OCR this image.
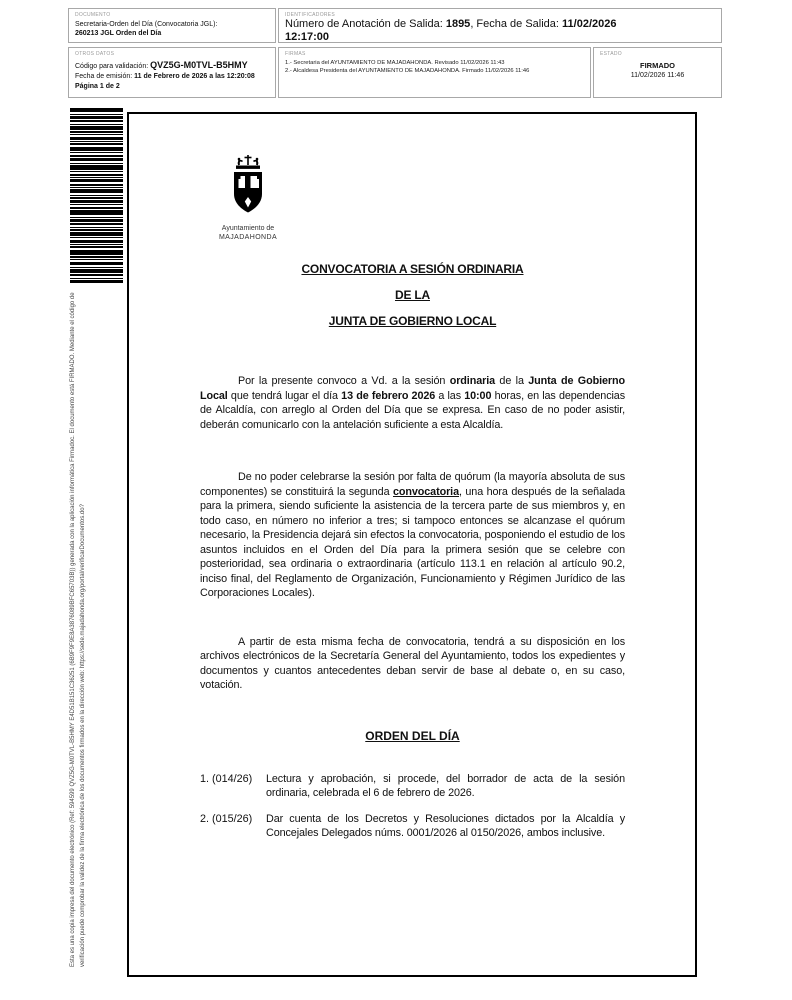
DOCUMENTO
Secretaria-Orden del Día (Convocatoria JGL):
260213 JGL Orden del Día
IDENTIFICADORES
Número de Anotación de Salida: 1895, Fecha de Salida: 11/02/2026
12:17:00
OTROS DATOS
Código para validación: QVZ5G-M0TVL-B5HMY
Fecha de emisión: 11 de Febrero de 2026 a las 12:20:08
Página 1 de 2
FIRMAS
1.- Secretaria del AYUNTAMIENTO DE MAJADAHONDA. Revisado 11/02/2026 11:43
2.- Alcaldesa Presidenta del AYUNTAMIENTO DE MAJADAHONDA. Firmado 11/02/2026 11:46
ESTADO
FIRMADO
11/02/2026 11:46
Esta es una copia impresa del documento electrónico (Ref: 594599 QVZ5G-M0TVL-B5HMY E4D51B151C36251 (6B9F9F9E8A3876089BFC65703B)) generada con la aplicación informática Firmadoc. El documento está FIRMADO. Mediante el código de verificación puede comprobar la validez de la firma electrónica de los documentos firmados en la dirección web: https://sede.majadahonda.org/portal/verificarDocumentos.do?
Ayuntamiento de
MAJADAHONDA
CONVOCATORIA A SESIÓN ORDINARIA
DE LA
JUNTA DE GOBIERNO LOCAL

Por la presente convoco a Vd. a la sesión ordinaria de la Junta de Gobierno Local que tendrá lugar el día 13 de febrero 2026 a las 10:00 horas, en las dependencias de Alcaldía, con arreglo al Orden del Día que se expresa. En caso de no poder asistir, deberán comunicarlo con la antelación suficiente a esta Alcaldía.

De no poder celebrarse la sesión por falta de quórum (la mayoría absoluta de sus componentes) se constituirá la segunda convocatoria, una hora después de la señalada para la primera, siendo suficiente la asistencia de la tercera parte de sus miembros y, en todo caso, en número no inferior a tres; si tampoco entonces se alcanzase el quórum necesario, la Presidencia dejará sin efectos la convocatoria, posponiendo el estudio de los asuntos incluidos en el Orden del Día para la primera sesión que se celebre con posterioridad, sea ordinaria o extraordinaria (artículo 113.1 en relación al artículo 90.2, inciso final, del Reglamento de Organización, Funcionamiento y Régimen Jurídico de las Corporaciones Locales).

A partir de esta misma fecha de convocatoria, tendrá a su disposición en los archivos electrónicos de la Secretaría General del Ayuntamiento, todos los expedientes y documentos y cuantos antecedentes deban servir de base al debate o, en su caso, votación.

ORDEN DEL DÍA
1. (014/26)	Lectura y aprobación, si procede, del borrador de acta de la sesión ordinaria, celebrada el 6 de febrero de 2026.
2. (015/26)	Dar cuenta de los Decretos y Resoluciones dictados por la Alcaldía y Concejales Delegados núms. 0001/2026 al 0150/2026, ambos inclusive.
